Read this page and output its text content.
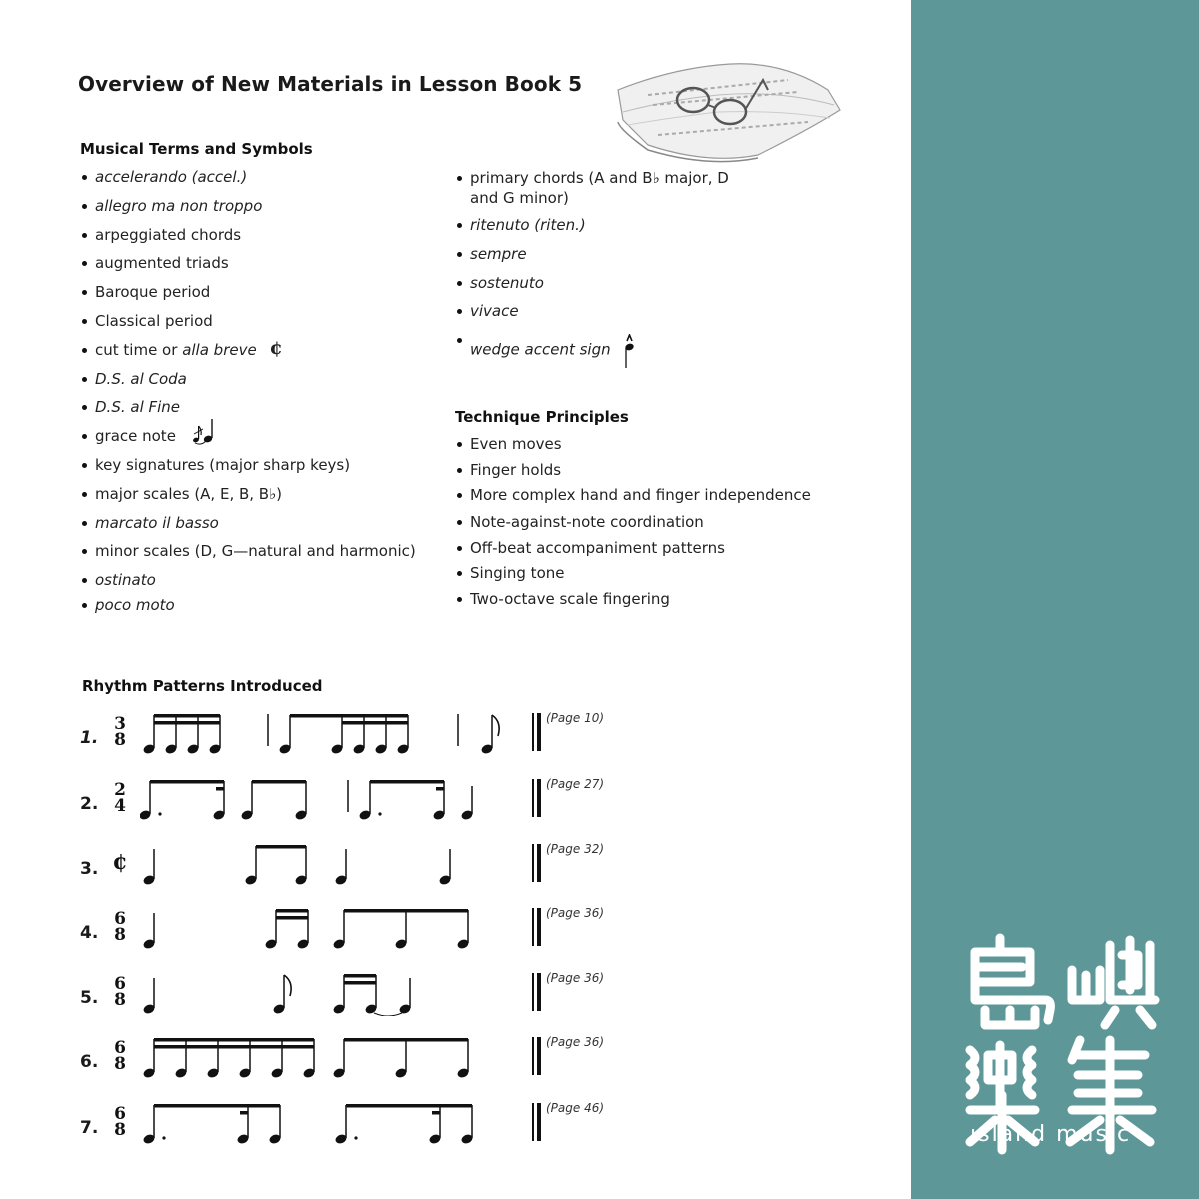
Overview of New Materials in Lesson Book 5
Musical Terms and Symbols
accelerando (accel.)
allegro ma non troppo
arpeggiated chords
augmented triads
Baroque period
Classical period
cut time or alla breve ¢
D.S. al Coda
D.S. al Fine
grace note
key signatures (major sharp keys)
major scales (A, E, B, B♭)
marcato il basso
minor scales (D, G—natural and harmonic)
ostinato
poco moto
primary chords (A and B♭ major, D and G minor)
ritenuto (riten.)
sempre
sostenuto
vivace
wedge accent sign
Technique Principles
Even moves
Finger holds
More complex hand and finger independence
Note-against-note coordination
Off-beat accompaniment patterns
Singing tone
Two-octave scale fingering
Rhythm Patterns Introduced
1.
3
8
(Page 10)
2.
2
4
(Page 27)
3. ¢	(Page 32)
4.
6
8
(Page 36)
5.
6
8
(Page 36)
6.
6
8
(Page 36)
7.
6
8
(Page 46)
ısland music
